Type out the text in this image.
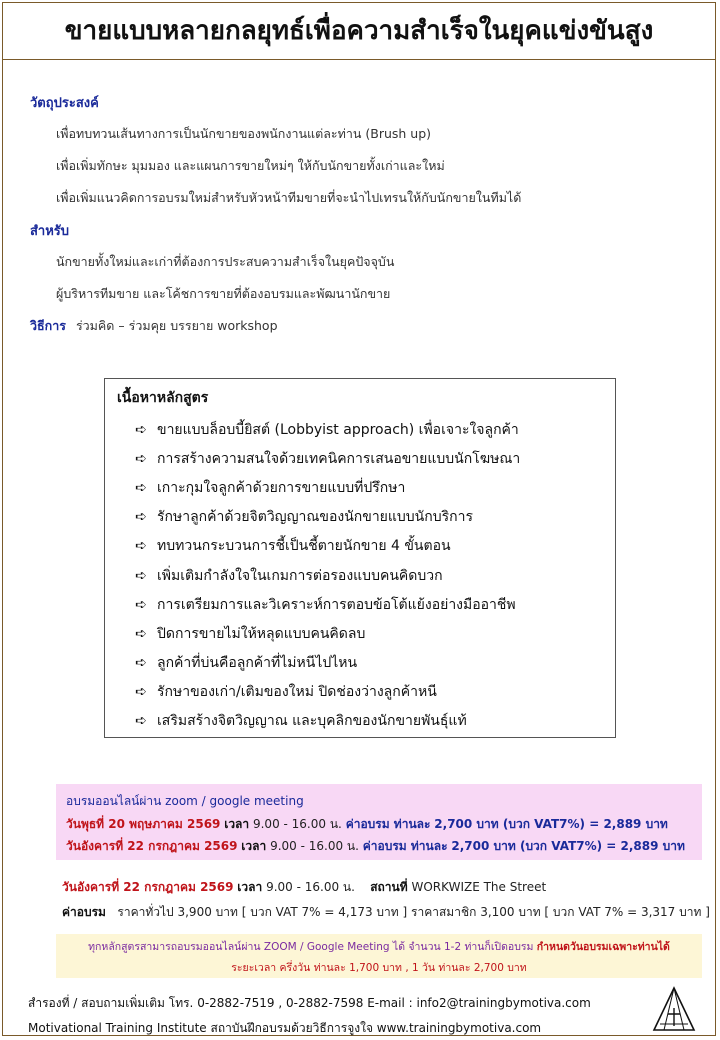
ขายแบบหลายกลยุทธ์เพื่อความสำเร็จในยุคแข่งขันสูง
วัตถุประสงค์
เพื่อทบทวนเส้นทางการเป็นนักขายของพนักงานแต่ละท่าน (Brush up)
เพื่อเพิ่มทักษะ มุมมอง และแผนการขายใหม่ๆ ให้กับนักขายทั้งเก่าและใหม่
เพื่อเพิ่มแนวคิดการอบรมใหม่สำหรับหัวหน้าทีมขายที่จะนำไปเทรนให้กับนักขายในทีมได้
สำหรับ
นักขายทั้งใหม่และเก่าที่ต้องการประสบความสำเร็จในยุคปัจจุบัน
ผู้บริหารทีมขาย และโค้ชการขายที่ต้องอบรมและพัฒนานักขาย
วิธีการ ร่วมคิด – ร่วมคุย บรรยาย workshop
เนื้อหาหลักสูตร
➪ ขายแบบล็อบบี้ยิสต์ (Lobbyist approach) เพื่อเจาะใจลูกค้า
➪ การสร้างความสนใจด้วยเทคนิคการเสนอขายแบบนักโฆษณา
➪ เกาะกุมใจลูกค้าด้วยการขายแบบที่ปรึกษา
➪ รักษาลูกค้าด้วยจิตวิญญาณของนักขายแบบนักบริการ
➪ ทบทวนกระบวนการชี้เป็นชี้ตายนักขาย 4 ขั้นตอน
➪ เพิ่มเติมกำลังใจในเกมการต่อรองแบบคนคิดบวก
➪ การเตรียมการและวิเคราะห์การตอบข้อโต้แย้งอย่างมืออาชีพ
➪ ปิดการขายไม่ให้หลุดแบบคนคิดลบ
➪ ลูกค้าที่บ่นคือลูกค้าที่ไม่หนีไปไหน
➪ รักษาของเก่า/เติมของใหม่ ปิดช่องว่างลูกค้าหนี
➪ เสริมสร้างจิตวิญญาณ และบุคลิกของนักขายพันธุ์แท้
อบรมออนไลน์ผ่าน zoom / google meeting
วันพุธที่ 20 พฤษภาคม 2569 เวลา 9.00 - 16.00 น. ค่าอบรม ท่านละ 2,700 บาท (บวก VAT7%) = 2,889 บาท
วันอังคารที่ 22 กรกฎาคม 2569 เวลา 9.00 - 16.00 น. ค่าอบรม ท่านละ 2,700 บาท (บวก VAT7%) = 2,889 บาท
วันอังคารที่ 22 กรกฎาคม 2569 เวลา 9.00 - 16.00 น. สถานที่ WORKWIZE The Street
ค่าอบรม ราคาทั่วไป 3,900 บาท [ บวก VAT 7% = 4,173 บาท ] ราคาสมาชิก 3,100 บาท [ บวก VAT 7% = 3,317 บาท ]
ทุกหลักสูตรสามารถอบรมออนไลน์ผ่าน ZOOM / Google Meeting ได้ จำนวน 1-2 ท่านก็เปิดอบรม กำหนดวันอบรมเฉพาะท่านได้
ระยะเวลา ครึ่งวัน ท่านละ 1,700 บาท , 1 วัน ท่านละ 2,700 บาท
สำรองที่ / สอบถามเพิ่มเติม โทร. 0-2882-7519 , 0-2882-7598 E-mail : info2@trainingbymotiva.com
Motivational Training Institute สถาบันฝึกอบรมด้วยวิธีการจูงใจ www.trainingbymotiva.com
